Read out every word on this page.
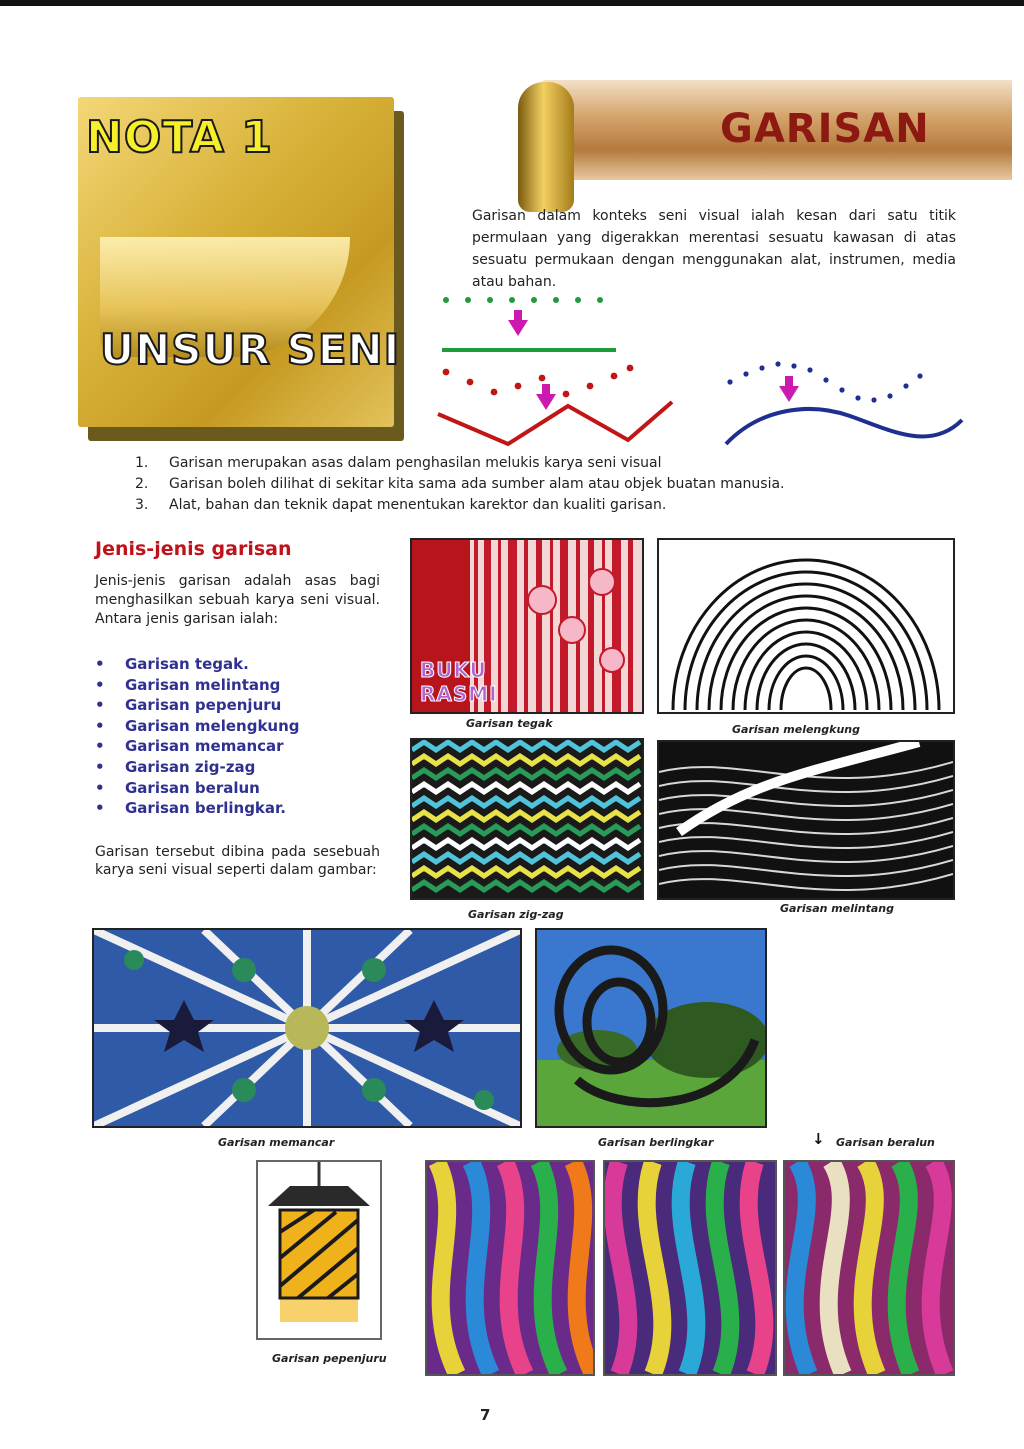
NOTA 1
UNSUR SENI
GARISAN

Garisan dalam konteks seni visual ialah kesan dari satu titik permulaan yang digerakkan merentasi sesuatu kawasan di atas sesuatu permukaan dengan menggunakan alat, instrumen, media atau bahan.

1.	Garisan merupakan asas dalam penghasilan melukis karya seni visual
2.	Garisan boleh dilihat di sekitar kita sama ada sumber alam atau objek buatan manusia.
3.	Alat, bahan dan teknik dapat menentukan karektor dan kualiti garisan.
Jenis-jenis garisan

Jenis-jenis garisan adalah asas bagi menghasilkan sebuah karya seni visual. Antara jenis garisan ialah:

•	Garisan tegak.
•	Garisan melintang
•	Garisan pepenjuru
•	Garisan melengkung
•	Garisan memancar
•	Garisan zig-zag
•	Garisan beralun
•	Garisan berlingkar.

Garisan tersebut dibina pada sesebuah karya seni visual seperti dalam gambar:

BUKU
RASMI
Garisan tegak	Garisan melengkung
Garisan zig-zag	Garisan melintang
Garisan memancar	Garisan berlingkar	↓ Garisan beralun
Garisan pepenjuru
7
